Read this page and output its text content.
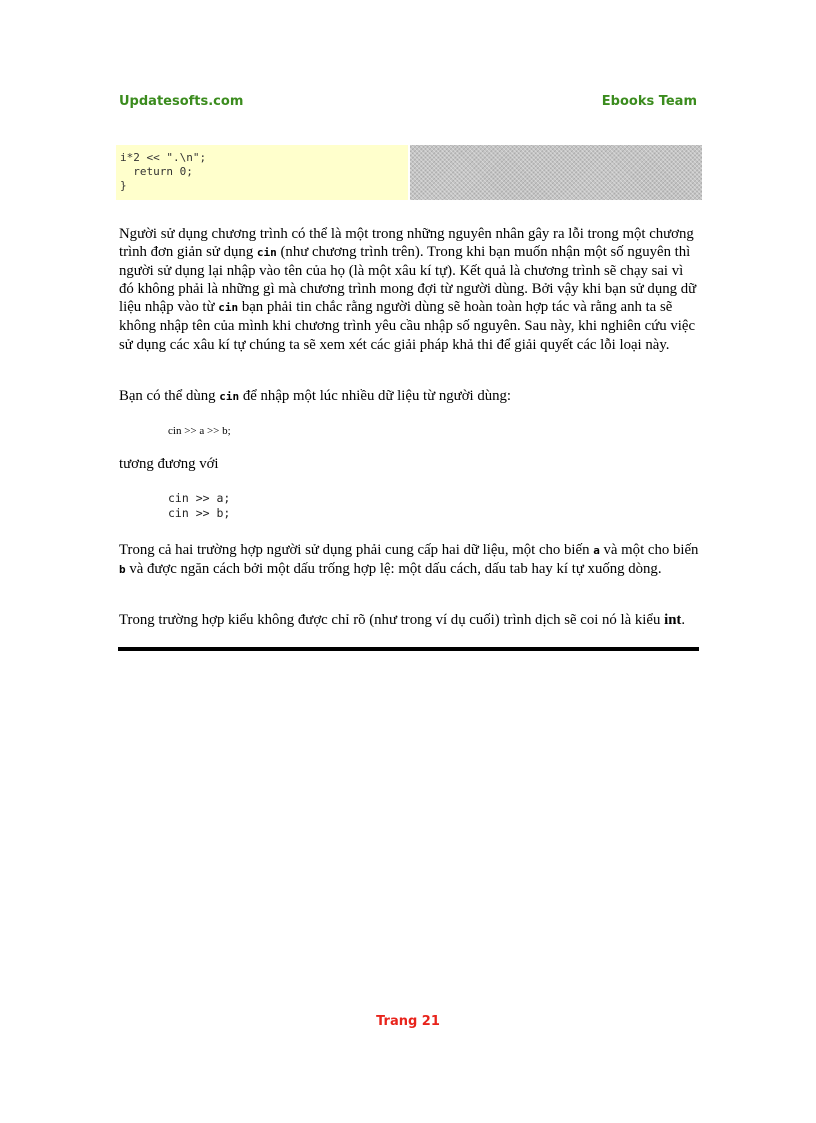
Updatesofts.com	Ebooks Team
i*2 << ".\n";
return 0;
}

Người sử dụng chương trình có thể là một trong những nguyên nhân gây ra lỗi trong một chương trình đơn giản sử dụng cin (như chương trình trên). Trong khi bạn muốn nhận một số nguyên thì người sử dụng lại nhập vào tên của họ (là một xâu kí tự). Kết quả là chương trình sẽ chạy sai vì đó không phải là những gì mà chương trình mong đợi từ người dùng. Bởi vậy khi bạn sử dụng dữ liệu nhập vào từ cin bạn phải tin chắc rằng người dùng sẽ hoàn toàn hợp tác và rằng anh ta sẽ không nhập tên của mình khi chương trình yêu cầu nhập số nguyên. Sau này, khi nghiên cứu việc sử dụng các xâu kí tự chúng ta sẽ xem xét các giải pháp khả thi để giải quyết các lỗi loại này.

Bạn có thể dùng cin để nhập một lúc nhiều dữ liệu từ người dùng:

cin >> a >> b;

tương đương với

cin >> a;
cin >> b;

Trong cả hai trường hợp người sử dụng phải cung cấp hai dữ liệu, một cho biến a và một cho biến b và được ngăn cách bởi một dấu trống hợp lệ: một dấu cách, dấu tab hay kí tự xuống dòng.

Trong trường hợp kiểu không được chỉ rõ (như trong ví dụ cuối) trình dịch sẽ coi nó là kiểu int.

Trang 21
